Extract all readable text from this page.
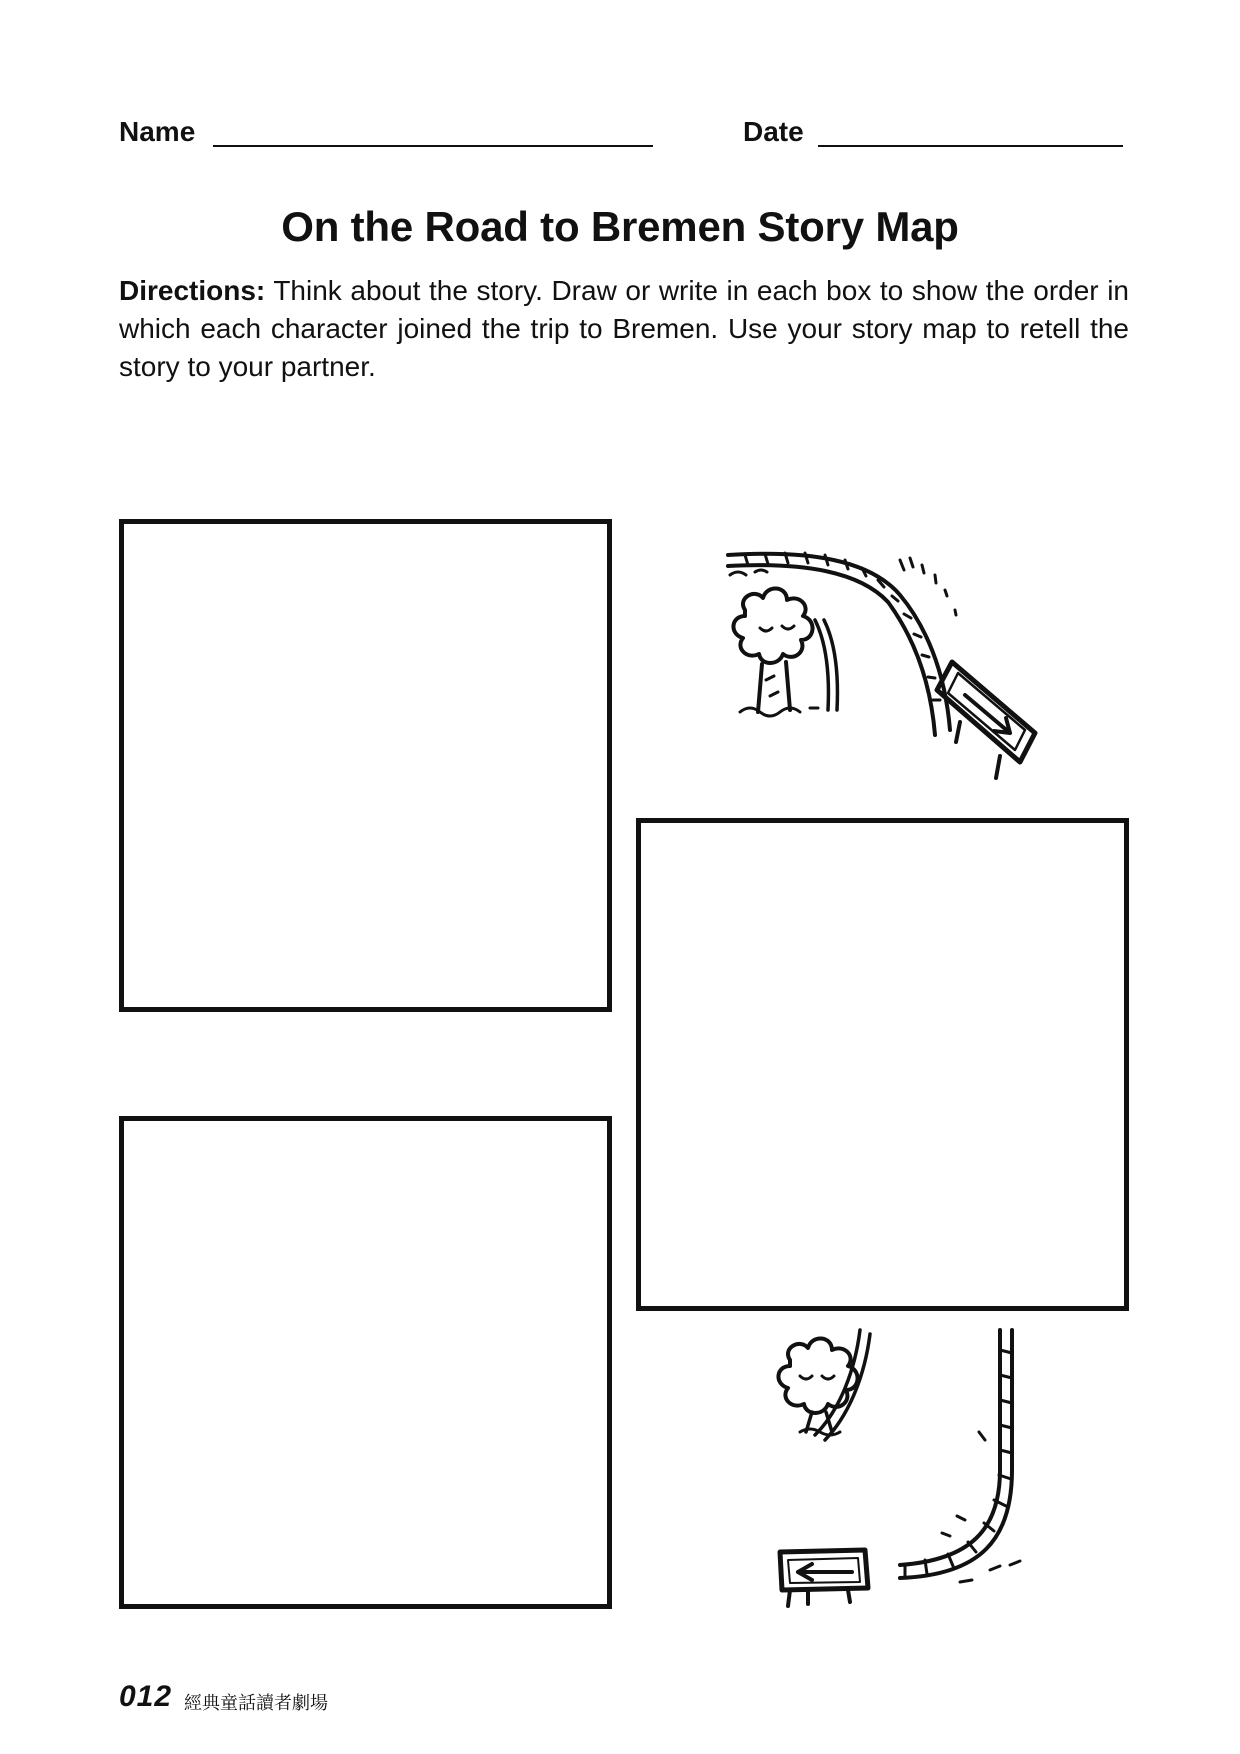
Name	Date
On the Road to Bremen Story Map
Directions: Think about the story. Draw or write in each box to show the order in which each character joined the trip to Bremen. Use your story map to retell the story to your partner.
012 經典童話讀者劇場
